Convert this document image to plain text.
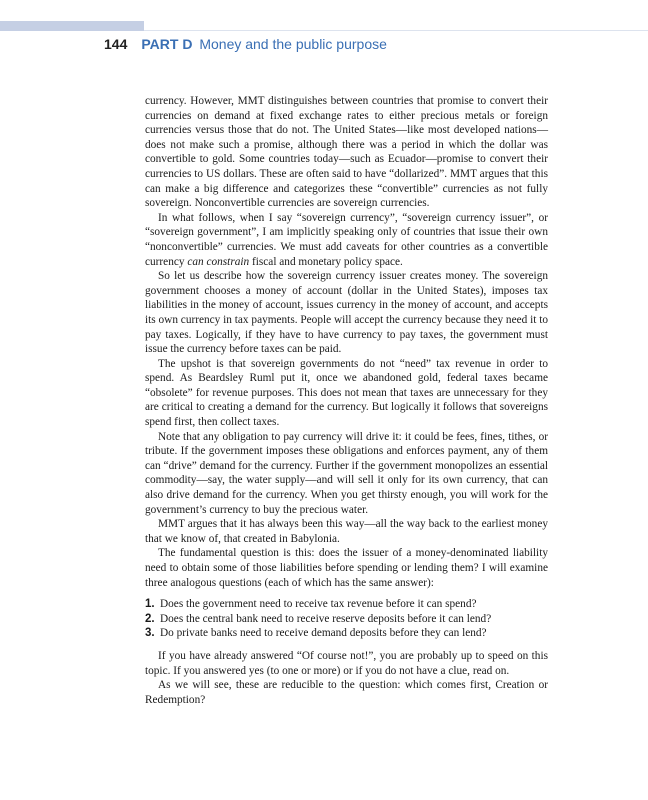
144 PART D Money and the public purpose

currency. However, MMT distinguishes between countries that promise to convert their currencies on demand at fixed exchange rates to either precious metals or foreign currencies versus those that do not. The United States—like most developed nations—does not make such a promise, although there was a period in which the dollar was convertible to gold. Some countries today—such as Ecuador—promise to convert their currencies to US dollars. These are often said to have “dollarized”. MMT argues that this can make a big difference and categorizes these “convertible” currencies as not fully sovereign. Nonconvertible currencies are sovereign currencies.

In what follows, when I say “sovereign currency”, “sovereign currency issuer”, or “sovereign government”, I am implicitly speaking only of countries that issue their own “nonconvertible” currencies. We must add caveats for other countries as a convertible currency can constrain fiscal and monetary policy space.

So let us describe how the sovereign currency issuer creates money. The sovereign government chooses a money of account (dollar in the United States), imposes tax liabilities in the money of account, issues currency in the money of account, and accepts its own currency in tax payments. People will accept the currency because they need it to pay taxes. Logically, if they have to have currency to pay taxes, the government must issue the currency before taxes can be paid.

The upshot is that sovereign governments do not “need” tax revenue in order to spend. As Beardsley Ruml put it, once we abandoned gold, federal taxes became “obsolete” for revenue purposes. This does not mean that taxes are unnecessary for they are critical to creating a demand for the currency. But logically it follows that sovereigns spend first, then collect taxes.

Note that any obligation to pay currency will drive it: it could be fees, fines, tithes, or tribute. If the government imposes these obligations and enforces payment, any of them can “drive” demand for the currency. Further if the government monopolizes an essential commodity—say, the water supply—and will sell it only for its own currency, that can also drive demand for the currency. When you get thirsty enough, you will work for the government’s currency to buy the precious water.

MMT argues that it has always been this way—all the way back to the earliest money that we know of, that created in Babylonia.

The fundamental question is this: does the issuer of a money-denominated liability need to obtain some of those liabilities before spending or lending them? I will examine three analogous questions (each of which has the same answer):

1. Does the government need to receive tax revenue before it can spend?
2. Does the central bank need to receive reserve deposits before it can lend?
3. Do private banks need to receive demand deposits before they can lend?

If you have already answered “Of course not!”, you are probably up to speed on this topic. If you answered yes (to one or more) or if you do not have a clue, read on.

As we will see, these are reducible to the question: which comes first, Creation or Redemption?
